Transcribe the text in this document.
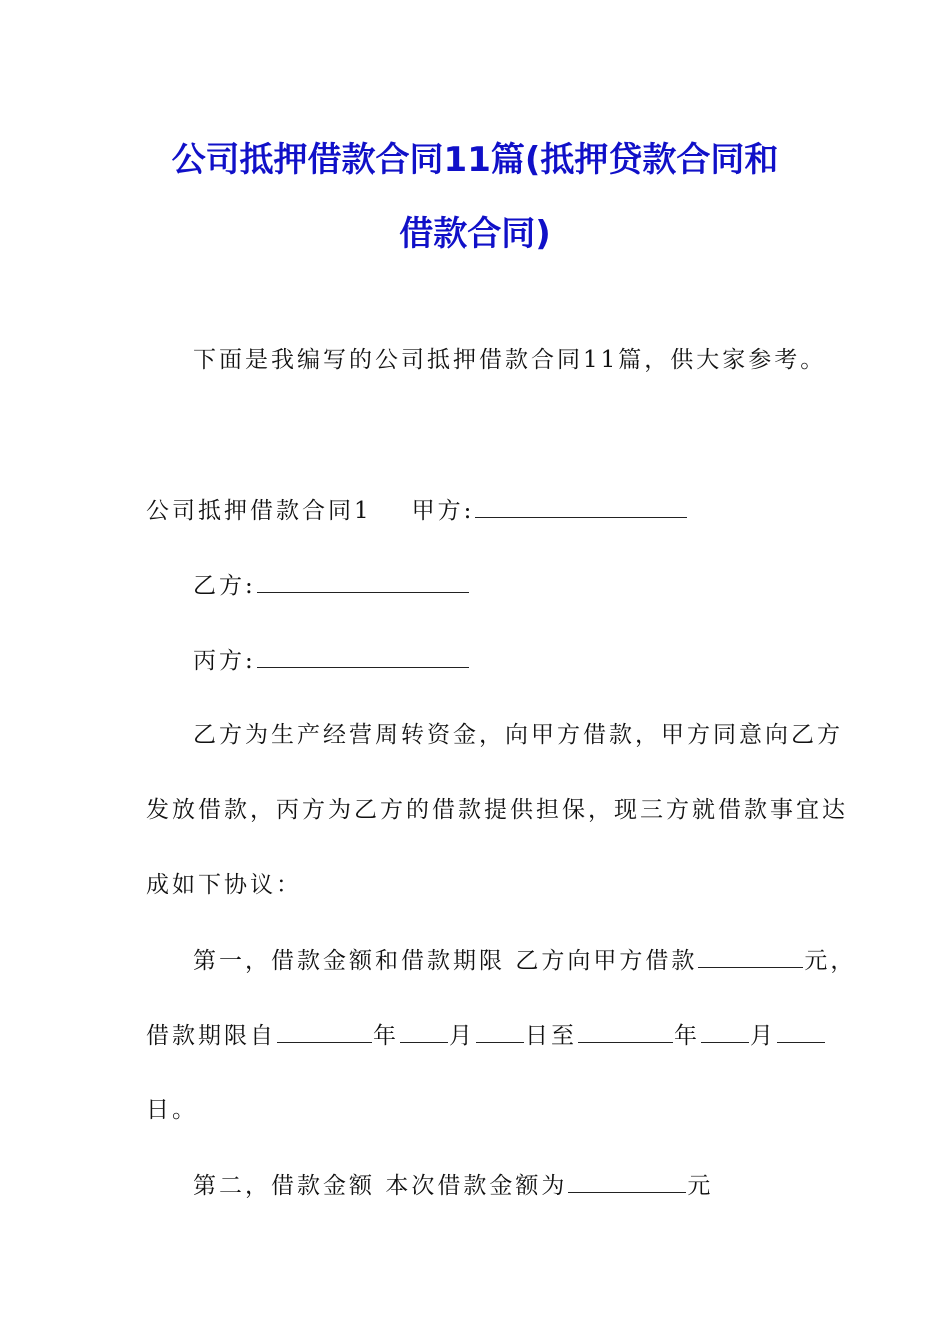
公司抵押借款合同11篇(抵押贷款合同和
借款合同)
下面是我编写的公司抵押借款合同11篇，供大家参考。
公司抵押借款合同1 甲方:
乙方:
丙方:
乙方为生产经营周转资金，向甲方借款，甲方同意向乙方
发放借款，丙方为乙方的借款提供担保，现三方就借款事宜达
成如下协议：
第一，借款金额和借款期限 乙方向甲方借款	元，
借款期限自	年 月 日至	年 月
日。
第二，借款金额 本次借款金额为	元
